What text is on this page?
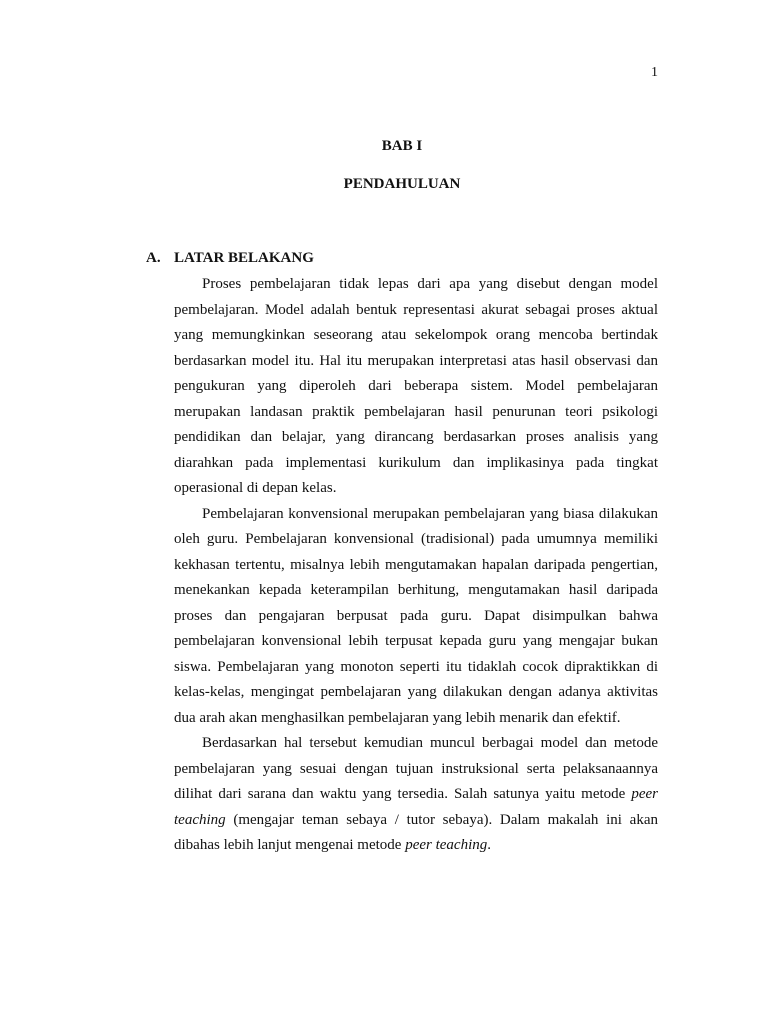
1
BAB I
PENDAHULUAN
A. LATAR BELAKANG

Proses pembelajaran tidak lepas dari apa yang disebut dengan model pembelajaran. Model adalah bentuk representasi akurat sebagai proses aktual yang memungkinkan seseorang atau sekelompok orang mencoba bertindak berdasarkan model itu. Hal itu merupakan interpretasi atas hasil observasi dan pengukuran yang diperoleh dari beberapa sistem. Model pembelajaran merupakan landasan praktik pembelajaran hasil penurunan teori psikologi pendidikan dan belajar, yang dirancang berdasarkan proses analisis yang diarahkan pada implementasi kurikulum dan implikasinya pada tingkat operasional di depan kelas.

Pembelajaran konvensional merupakan pembelajaran yang biasa dilakukan oleh guru. Pembelajaran konvensional (tradisional) pada umumnya memiliki kekhasan tertentu, misalnya lebih mengutamakan hapalan daripada pengertian, menekankan kepada keterampilan berhitung, mengutamakan hasil daripada proses dan pengajaran berpusat pada guru. Dapat disimpulkan bahwa pembelajaran konvensional lebih terpusat kepada guru yang mengajar bukan siswa. Pembelajaran yang monoton seperti itu tidaklah cocok dipraktikkan di kelas-kelas, mengingat pembelajaran yang dilakukan dengan adanya aktivitas dua arah akan menghasilkan pembelajaran yang lebih menarik dan efektif.

Berdasarkan hal tersebut kemudian muncul berbagai model dan metode pembelajaran yang sesuai dengan tujuan instruksional serta pelaksanaannya dilihat dari sarana dan waktu yang tersedia. Salah satunya yaitu metode peer teaching (mengajar teman sebaya / tutor sebaya). Dalam makalah ini akan dibahas lebih lanjut mengenai metode peer teaching.
